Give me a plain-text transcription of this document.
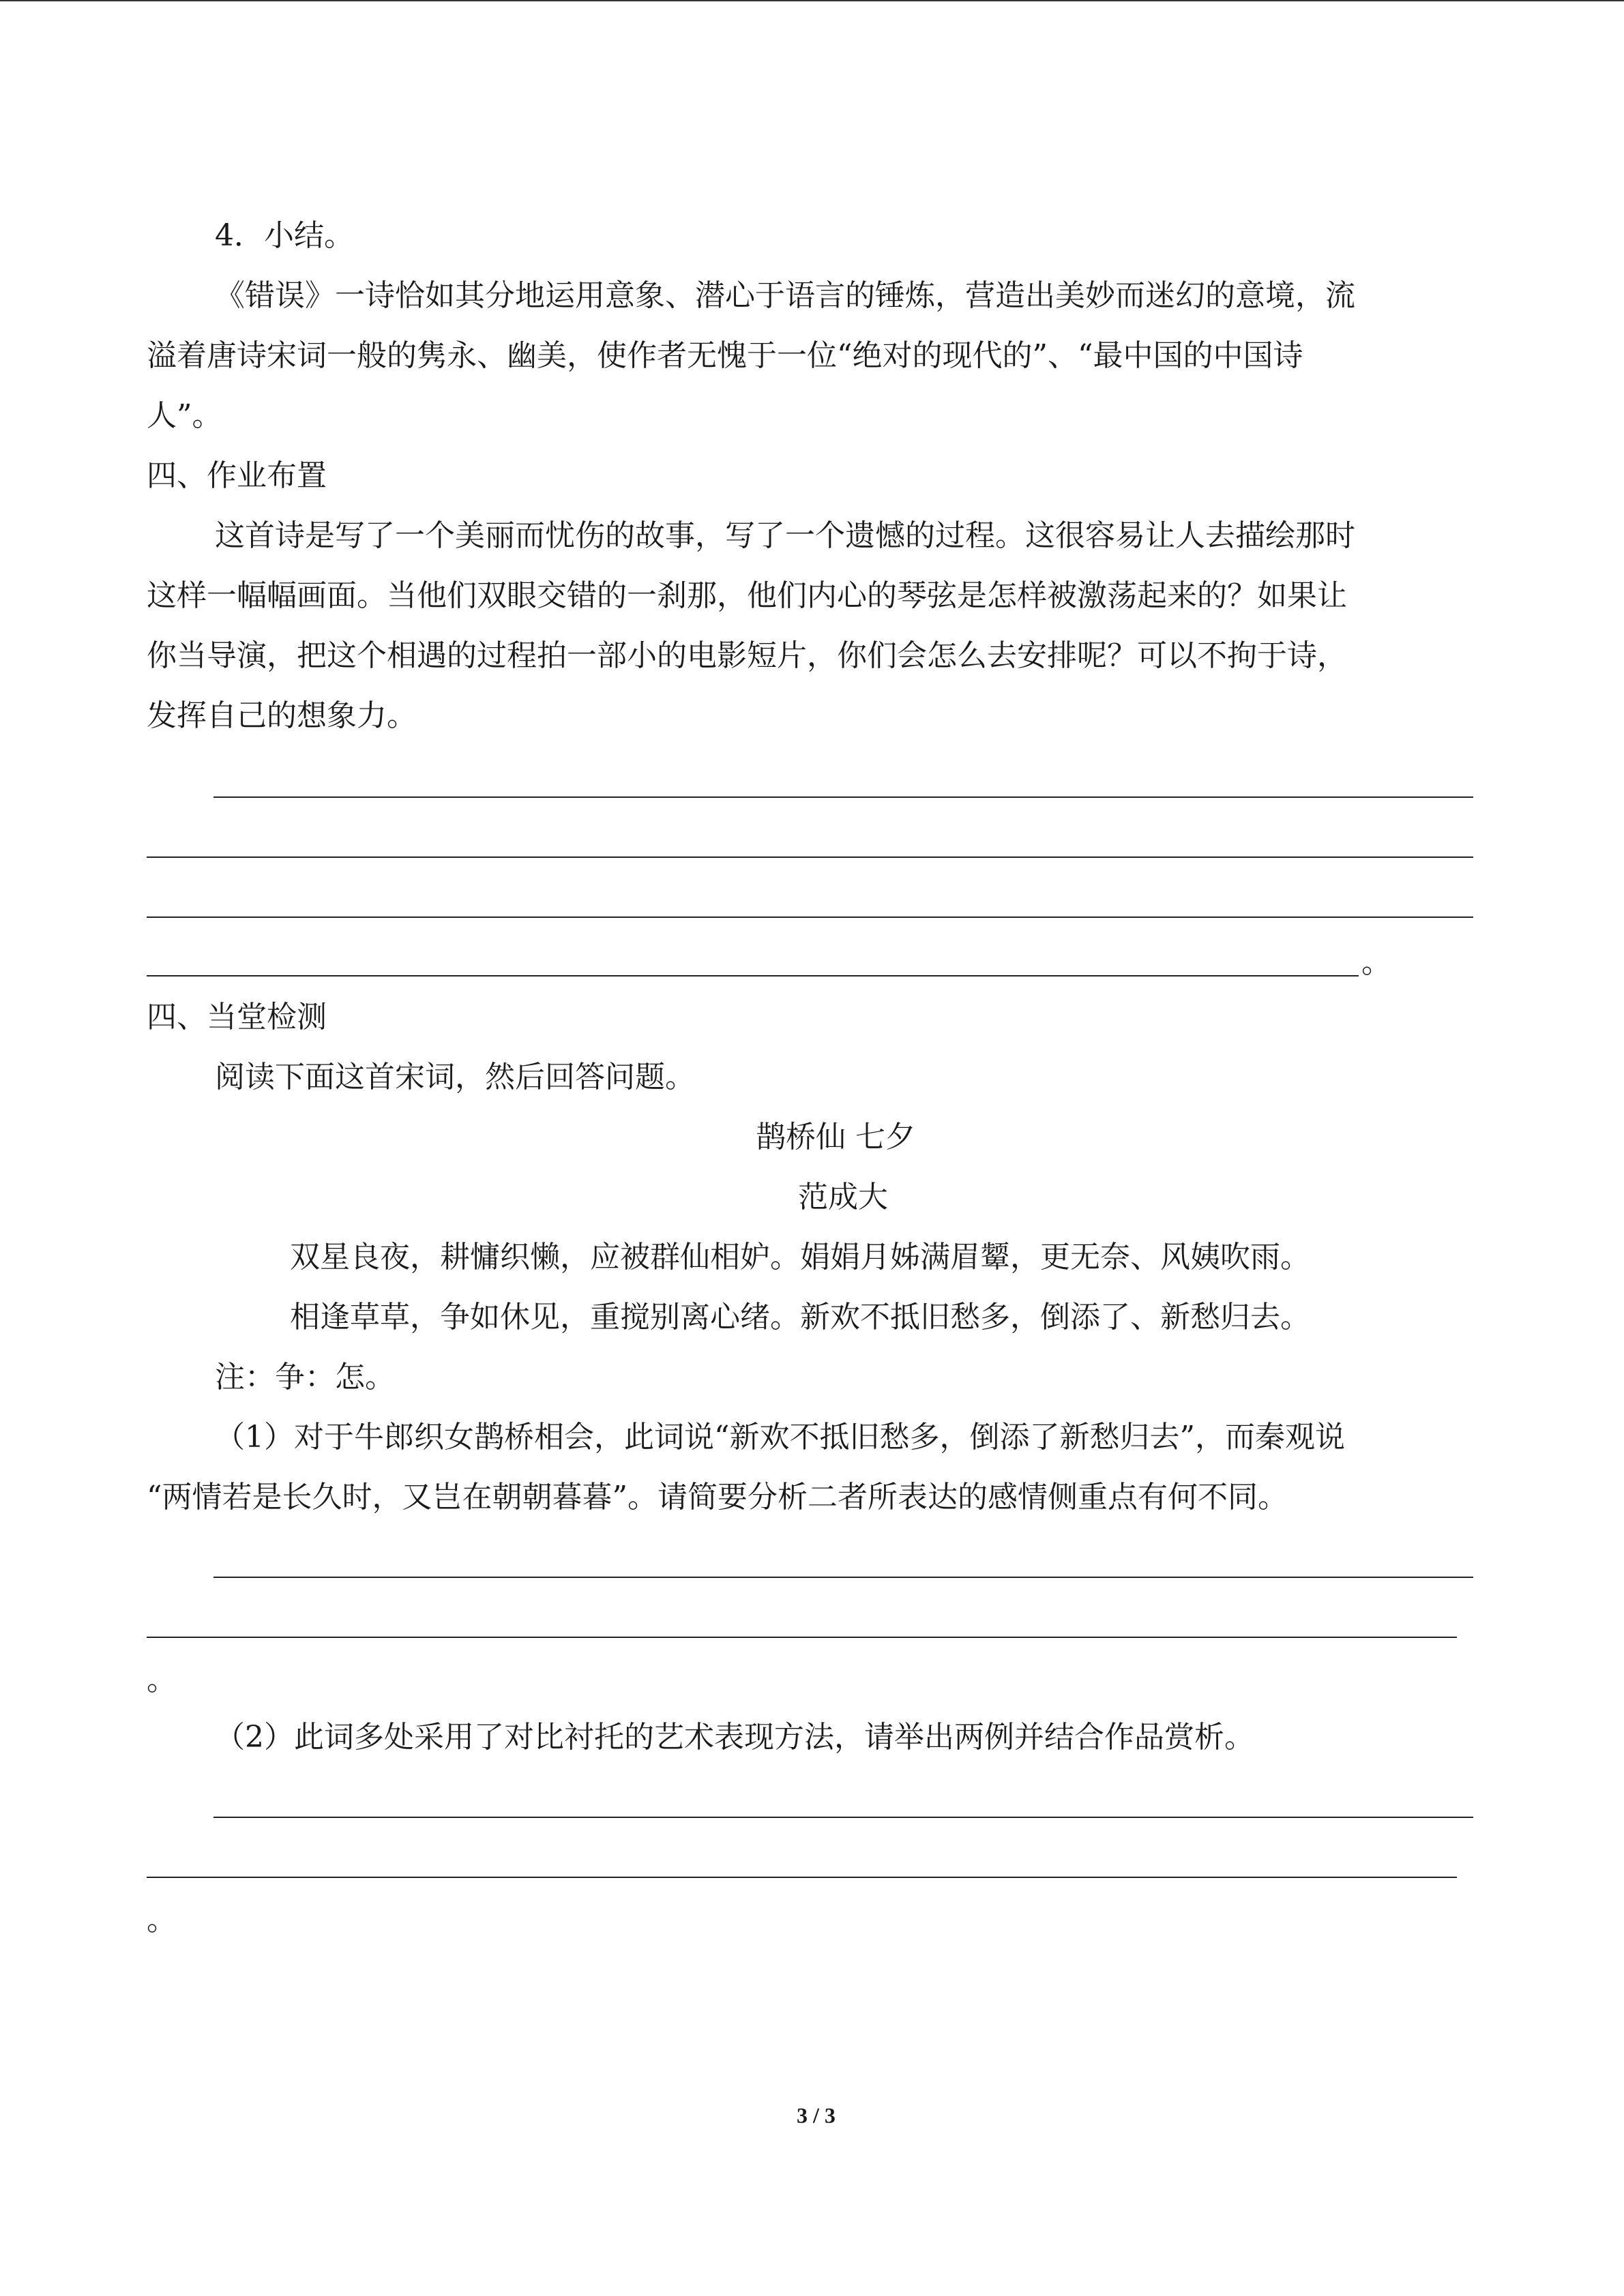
4．小结。
《错误》一诗恰如其分地运用意象、潜心于语言的锤炼，营造出美妙而迷幻的意境，流
溢着唐诗宋词一般的隽永、幽美，使作者无愧于一位“绝对的现代的”、“最中国的中国诗
人”。
四、作业布置
这首诗是写了一个美丽而忧伤的故事，写了一个遗憾的过程。这很容易让人去描绘那时
这样一幅幅画面。当他们双眼交错的一刹那，他们内心的琴弦是怎样被激荡起来的？如果让
你当导演，把这个相遇的过程拍一部小的电影短片，你们会怎么去安排呢？可以不拘于诗，
发挥自己的想象力。
。
四、当堂检测
阅读下面这首宋词，然后回答问题。
鹊桥仙 七夕
范成大
双星良夜，耕慵织懒，应被群仙相妒。娟娟月姊满眉颦，更无奈、风姨吹雨。
相逢草草，争如休见，重搅别离心绪。新欢不抵旧愁多，倒添了、新愁归去。
注：争：怎。
（1）对于牛郎织女鹊桥相会，此词说“新欢不抵旧愁多，倒添了新愁归去”，而秦观说
“两情若是长久时，又岂在朝朝暮暮”。请简要分析二者所表达的感情侧重点有何不同。
。
（2）此词多处采用了对比衬托的艺术表现方法，请举出两例并结合作品赏析。
。
3 / 3
